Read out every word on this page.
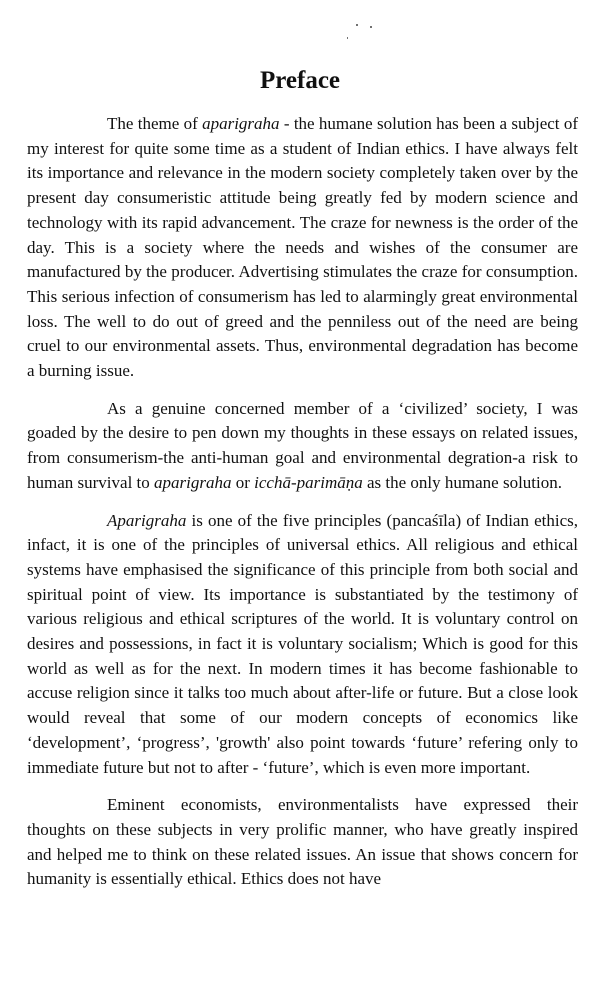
Preface

The theme of aparigraha - the humane solution has been a subject of my interest for quite some time as a student of Indian ethics. I have always felt its importance and relevance in the modern society completely taken over by the present day consumeristic attitude being greatly fed by modern science and technology with its rapid advancement. The craze for newness is the order of the day. This is a society where the needs and wishes of the consumer are manufactured by the producer. Advertising stimulates the craze for consumption. This serious infection of consumerism has led to alarmingly great environmental loss. The well to do out of greed and the penniless out of the need are being cruel to our environmental assets. Thus, environmental degradation has become a burning issue.

As a genuine concerned member of a ‘civilized’ society, I was goaded by the desire to pen down my thoughts in these essays on related issues, from consumerism-the anti-human goal and environmental degration-a risk to human survival to aparigraha or icchā-parimāṇa as the only humane solution.

Aparigraha is one of the five principles (pancaśīla) of Indian ethics, infact, it is one of the principles of universal ethics. All religious and ethical systems have emphasised the significance of this principle from both social and spiritual point of view. Its importance is substantiated by the testimony of various religious and ethical scriptures of the world. It is voluntary control on desires and possessions, in fact it is voluntary socialism; Which is good for this world as well as for the next. In modern times it has become fashionable to accuse religion since it talks too much about after-life or future. But a close look would reveal that some of our modern concepts of economics like ‘development’, ‘progress’, 'growth' also point towards ‘future’ refering only to immediate future but not to after - ‘future’, which is even more important.

Eminent economists, environmentalists have expressed their thoughts on these subjects in very prolific manner, who have greatly inspired and helped me to think on these related issues. An issue that shows concern for humanity is essentially ethical. Ethics does not have
